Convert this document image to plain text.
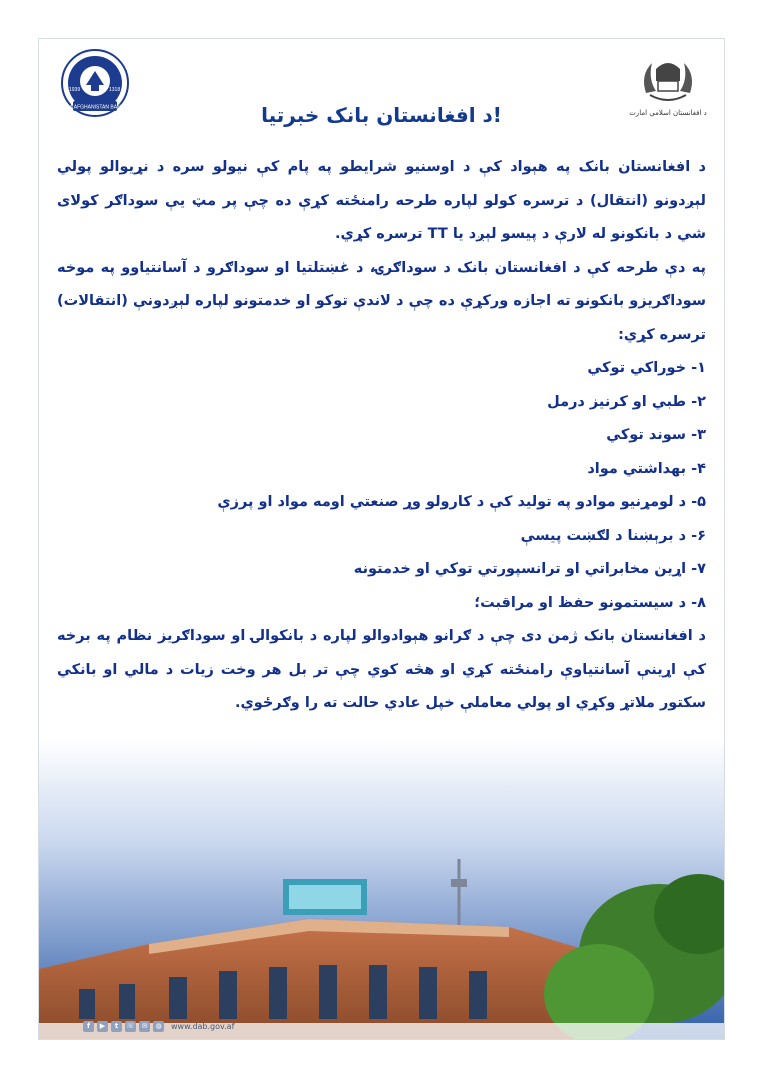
DA AFGHANISTAN BANK
1939	1318
د افغانستان اسلامي امارت
د افغانستان بانک خبرتیا!

د افغانستان بانک په هېواد کې د اوسنیو شرایطو په پام کې نیولو سره د نړیوالو پولي لېږدونو (انتقال) د ترسره کولو لپاره طرحه رامنځته کړې ده چې پر مټ یې سوداګر کولای شي د بانکونو له لارې د پیسو لېږد یا TT ترسره کړي.

په دې طرحه کې د افغانستان بانک د سوداګرۍ، د غښتلتیا او سوداګرو د آسانتیاوو په موخه سوداګریزو بانکونو ته اجازه ورکړې ده چې د لاندې توکو او خدمتونو لپاره لېږدونې (انتقالات) ترسره کړي:

۱- خوراکي توکي

۲- طبي او کرنیز درمل

۳- سوند توکي

۴- بهداشتي مواد

۵- د لومړنیو موادو په تولید کې د کارولو وړ صنعتي اومه مواد او پرزې

۶- د برېښنا د لګښت پیسې

۷- اړین مخابراتي او ترانسپورتي توکي او خدمتونه

۸- د سیستمونو حفظ او مراقبت؛

د افغانستان بانک ژمن دی چې د ګرانو هېوادوالو لپاره د بانکوالۍ او سوداګریز نظام په برخه کې اړینې آسانتیاوې رامنځته کړي او هڅه کوي چې تر بل هر وخت زیات د مالي او بانکي سکتور ملاتړ وکړي او پولي معاملې خپل عادي حالت ته را وګرځوي.

f	▶	t	☏ ✉	◍	www.dab.gov.af
